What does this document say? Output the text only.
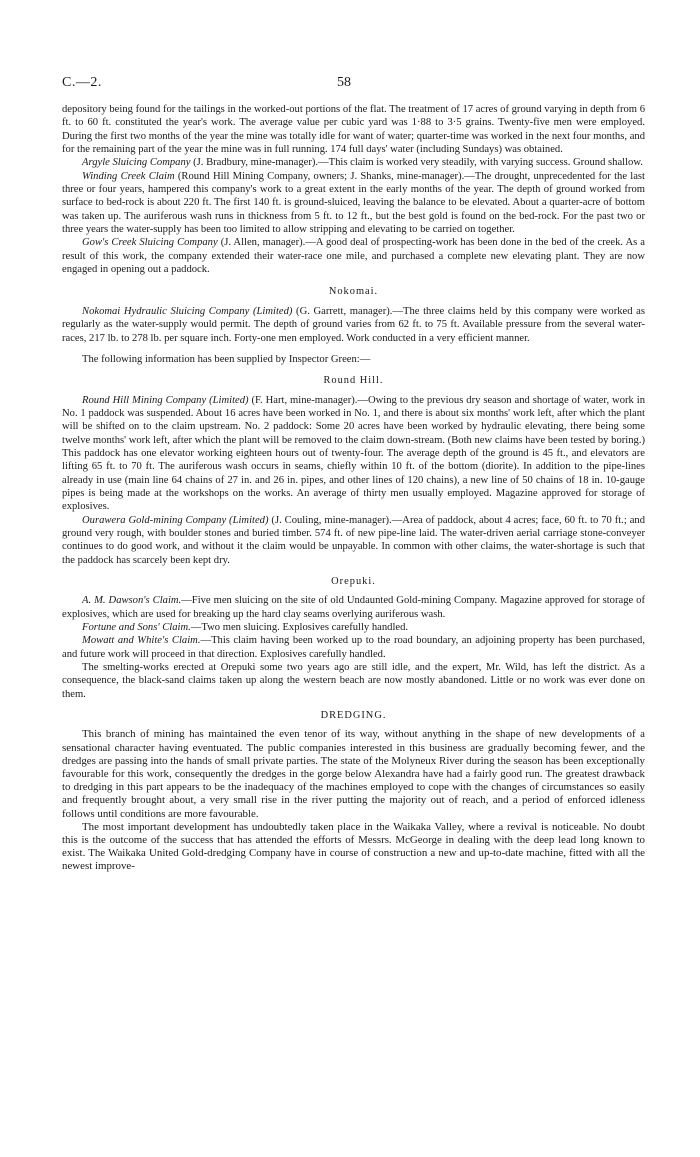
C.—2.	58

depository being found for the tailings in the worked-out portions of the flat. The treatment of 17 acres of ground varying in depth from 6 ft. to 60 ft. constituted the year's work. The average value per cubic yard was 1·88 to 3·5 grains. Twenty-five men were employed. During the first two months of the year the mine was totally idle for want of water; quarter-time was worked in the next four months, and for the remaining part of the year the mine was in full running. 174 full days' water (including Sundays) was obtained.

Argyle Sluicing Company (J. Bradbury, mine-manager).—This claim is worked very steadily, with varying success. Ground shallow.

Winding Creek Claim (Round Hill Mining Company, owners; J. Shanks, mine-manager).—The drought, unprecedented for the last three or four years, hampered this company's work to a great extent in the early months of the year. The depth of ground worked from surface to bed-rock is about 220 ft. The first 140 ft. is ground-sluiced, leaving the balance to be elevated. About a quarter-acre of bottom was taken up. The auriferous wash runs in thickness from 5 ft. to 12 ft., but the best gold is found on the bed-rock. For the past two or three years the water-supply has been too limited to allow stripping and elevating to be carried on together.

Gow's Creek Sluicing Company (J. Allen, manager).—A good deal of prospecting-work has been done in the bed of the creek. As a result of this work, the company extended their water-race one mile, and purchased a complete new elevating plant. They are now engaged in opening out a paddock.

Nokomai.

Nokomai Hydraulic Sluicing Company (Limited) (G. Garrett, manager).—The three claims held by this company were worked as regularly as the water-supply would permit. The depth of ground varies from 62 ft. to 75 ft. Available pressure from the several water-races, 217 lb. to 278 lb. per square inch. Forty-one men employed. Work conducted in a very efficient manner.

The following information has been supplied by Inspector Green:—

Round Hill.

Round Hill Mining Company (Limited) (F. Hart, mine-manager).—Owing to the previous dry season and shortage of water, work in No. 1 paddock was suspended. About 16 acres have been worked in No. 1, and there is about six months' work left, after which the plant will be shifted on to the claim upstream. No. 2 paddock: Some 20 acres have been worked by hydraulic elevating, there being some twelve months' work left, after which the plant will be removed to the claim down-stream. (Both new claims have been tested by boring.) This paddock has one elevator working eighteen hours out of twenty-four. The average depth of the ground is 45 ft., and elevators are lifting 65 ft. to 70 ft. The auriferous wash occurs in seams, chiefly within 10 ft. of the bottom (diorite). In addition to the pipe-lines already in use (main line 64 chains of 27 in. and 26 in. pipes, and other lines of 120 chains), a new line of 50 chains of 18 in. 10-gauge pipes is being made at the workshops on the works. An average of thirty men usually employed. Magazine approved for storage of explosives.

Ourawera Gold-mining Company (Limited) (J. Couling, mine-manager).—Area of paddock, about 4 acres; face, 60 ft. to 70 ft.; and ground very rough, with boulder stones and buried timber. 574 ft. of new pipe-line laid. The water-driven aerial carriage stone-conveyer continues to do good work, and without it the claim would be unpayable. In common with other claims, the water-shortage is such that the paddock has scarcely been kept dry.

Orepuki.

A. M. Dawson's Claim.—Five men sluicing on the site of old Undaunted Gold-mining Company. Magazine approved for storage of explosives, which are used for breaking up the hard clay seams overlying auriferous wash.

Fortune and Sons' Claim.—Two men sluicing. Explosives carefully handled.

Mowatt and White's Claim.—This claim having been worked up to the road boundary, an adjoining property has been purchased, and future work will proceed in that direction. Explosives carefully handled.

The smelting-works erected at Orepuki some two years ago are still idle, and the expert, Mr. Wild, has left the district. As a consequence, the black-sand claims taken up along the western beach are now mostly abandoned. Little or no work was ever done on them.

DREDGING.

This branch of mining has maintained the even tenor of its way, without anything in the shape of new developments of a sensational character having eventuated. The public companies interested in this business are gradually becoming fewer, and the dredges are passing into the hands of small private parties. The state of the Molyneux River during the season has been exceptionally favourable for this work, consequently the dredges in the gorge below Alexandra have had a fairly good run. The greatest drawback to dredging in this part appears to be the inadequacy of the machines employed to cope with the changes of circumstances so easily and frequently brought about, a very small rise in the river putting the majority out of reach, and a period of enforced idleness follows until conditions are more favourable.

The most important development has undoubtedly taken place in the Waikaka Valley, where a revival is noticeable. No doubt this is the outcome of the success that has attended the efforts of Messrs. McGeorge in dealing with the deep lead long known to exist. The Waikaka United Gold-dredging Company have in course of construction a new and up-to-date machine, fitted with all the newest improve-
